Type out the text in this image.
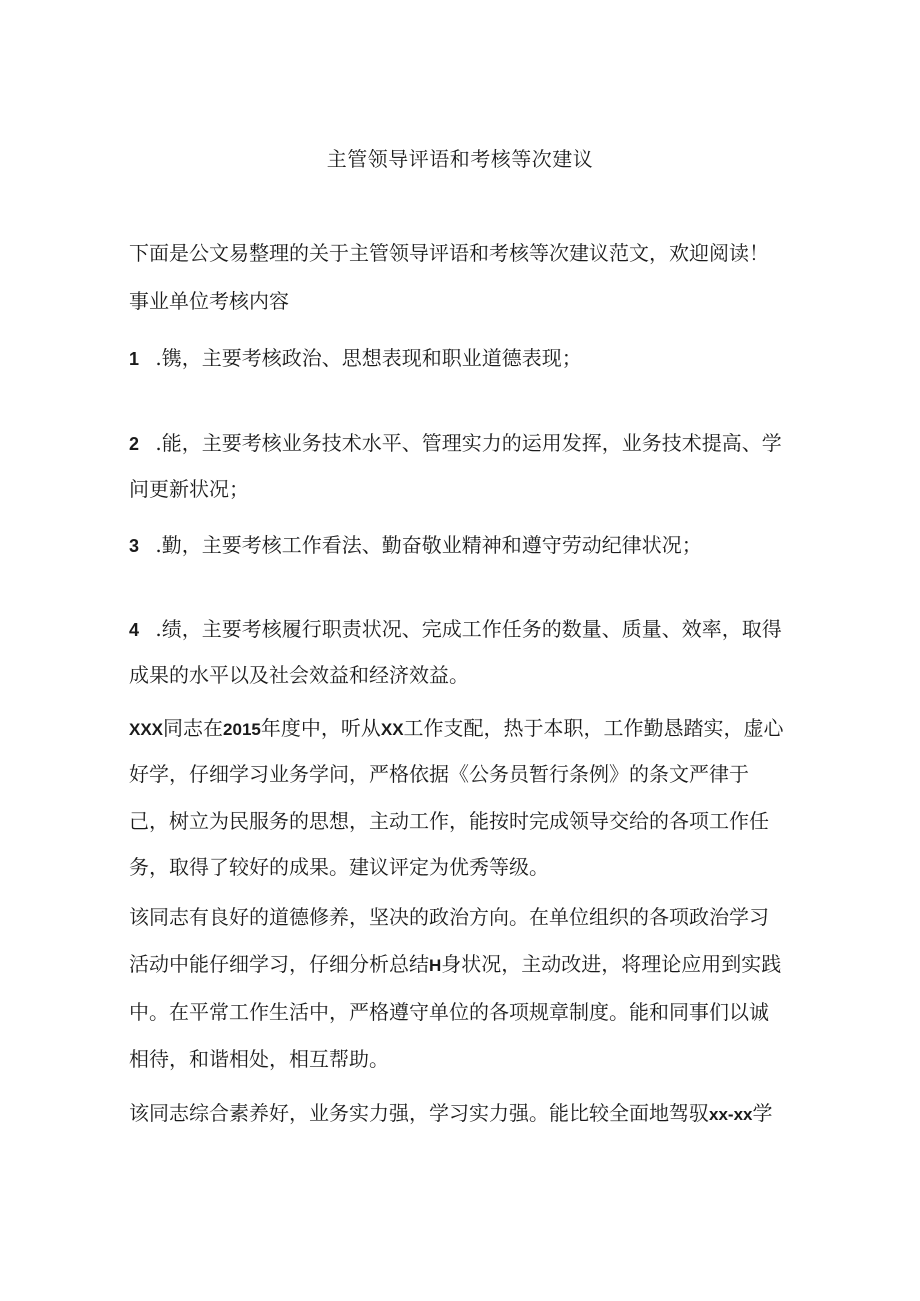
主管领导评语和考核等次建议
下面是公文易整理的关于主管领导评语和考核等次建议范文，欢迎阅读！
事业单位考核内容
1 .镌，主要考核政治、思想表现和职业道德表现；
2 .能，主要考核业务技术水平、管理实力的运用发挥，业务技术提高、学
问更新状况；
3 .勤，主要考核工作看法、勤奋敬业精神和遵守劳动纪律状况；
4 .绩，主要考核履行职责状况、完成工作任务的数量、质量、效率，取得
成果的水平以及社会效益和经济效益。
XXX同志在2015年度中，听从XX工作支配，热于本职，工作勤恳踏实，虚心
好学，仔细学习业务学问，严格依据《公务员暂行条例》的条文严律于
己，树立为民服务的思想，主动工作，能按时完成领导交给的各项工作任
务，取得了较好的成果。建议评定为优秀等级。
该同志有良好的道德修养，坚决的政治方向。在单位组织的各项政治学习
活动中能仔细学习，仔细分析总结H身状况，主动改进，将理论应用到实践
中。在平常工作生活中，严格遵守单位的各项规章制度。能和同事们以诚
相待，和谐相处，相互帮助。
该同志综合素养好，业务实力强，学习实力强。能比较全面地驾驭xx-xx学
